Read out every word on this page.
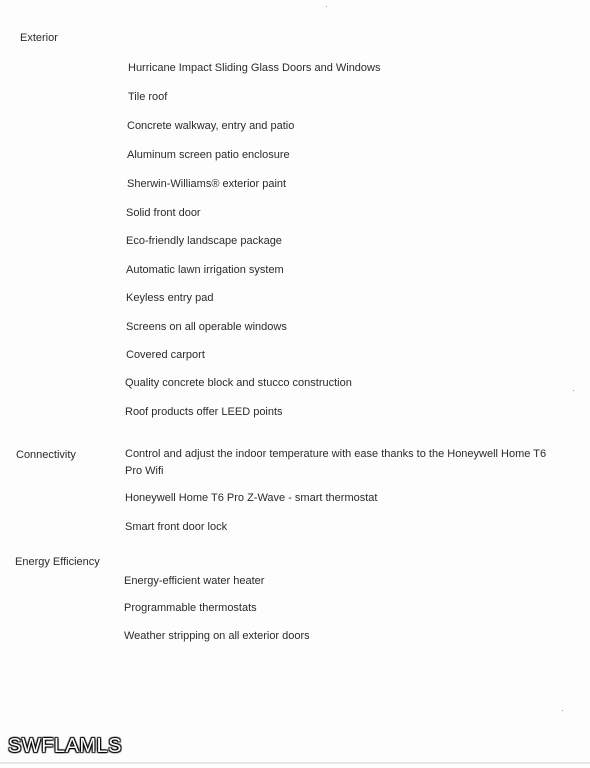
Exterior
Hurricane Impact Sliding Glass Doors and Windows
Tile roof
Concrete walkway, entry and patio
Aluminum screen patio enclosure
Sherwin-Williams® exterior paint
Solid front door
Eco-friendly landscape package
Automatic lawn irrigation system
Keyless entry pad
Screens on all operable windows
Covered carport
Quality concrete block and stucco construction
Roof products offer LEED points
Connectivity	Control and adjust the indoor temperature with ease thanks to the Honeywell Home T6 Pro Wifi
Honeywell Home T6 Pro Z-Wave - smart thermostat
Smart front door lock
Energy Efficiency
Energy-efficient water heater
Programmable thermostats
Weather stripping on all exterior doors
SWFLAMLS
